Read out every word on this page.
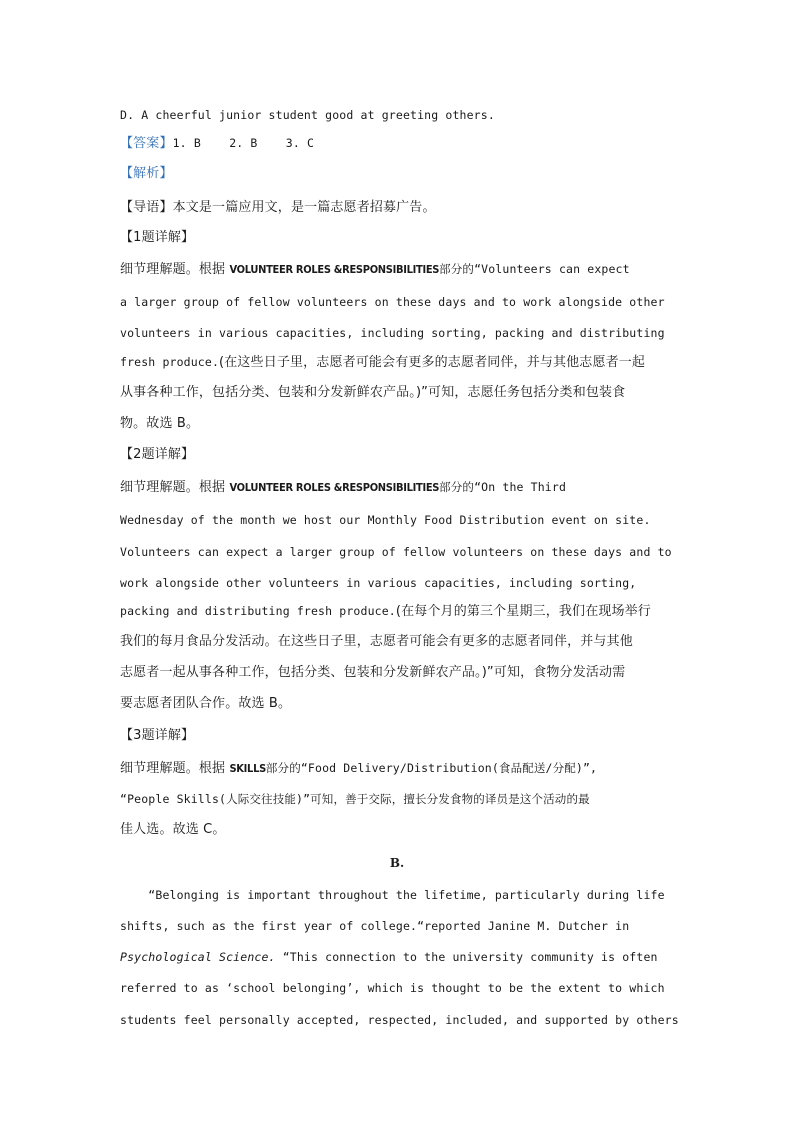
D. A cheerful junior student good at greeting others.
【答案】1. B    2. B    3. C
【解析】
【导语】本文是一篇应用文，是一篇志愿者招募广告。
【1题详解】
细节理解题。根据 VOLUNTEER ROLES &RESPONSIBILITIES部分的“Volunteers can expect
a larger group of fellow volunteers on these days and to work alongside other
volunteers in various capacities, including sorting, packing and distributing
fresh produce.(在这些日子里，志愿者可能会有更多的志愿者同伴，并与其他志愿者一起
从事各种工作，包括分类、包装和分发新鲜农产品。)”可知，志愿任务包括分类和包装食
物。故选 B。
【2题详解】
细节理解题。根据 VOLUNTEER ROLES &RESPONSIBILITIES部分的“On the Third
Wednesday of the month we host our Monthly Food Distribution event on site.
Volunteers can expect a larger group of fellow volunteers on these days and to
work alongside other volunteers in various capacities, including sorting,
packing and distributing fresh produce.(在每个月的第三个星期三，我们在现场举行
我们的每月食品分发活动。在这些日子里，志愿者可能会有更多的志愿者同伴，并与其他
志愿者一起从事各种工作，包括分类、包装和分发新鲜农产品。)”可知，食物分发活动需
要志愿者团队合作。故选 B。
【3题详解】
细节理解题。根据 SKILLS部分的“Food Delivery/Distribution(食品配送/分配)”,
“People Skills(人际交往技能)”可知，善于交际，擅长分发食物的译员是这个活动的最
佳人选。故选 C。
B.
“Belonging is important throughout the lifetime, particularly during life
shifts, such as the first year of college.“reported Janine M. Dutcher in
Psychological Science. “This connection to the university community is often
referred to as ‘school belonging’, which is thought to be the extent to which
students feel personally accepted, respected, included, and supported by others
